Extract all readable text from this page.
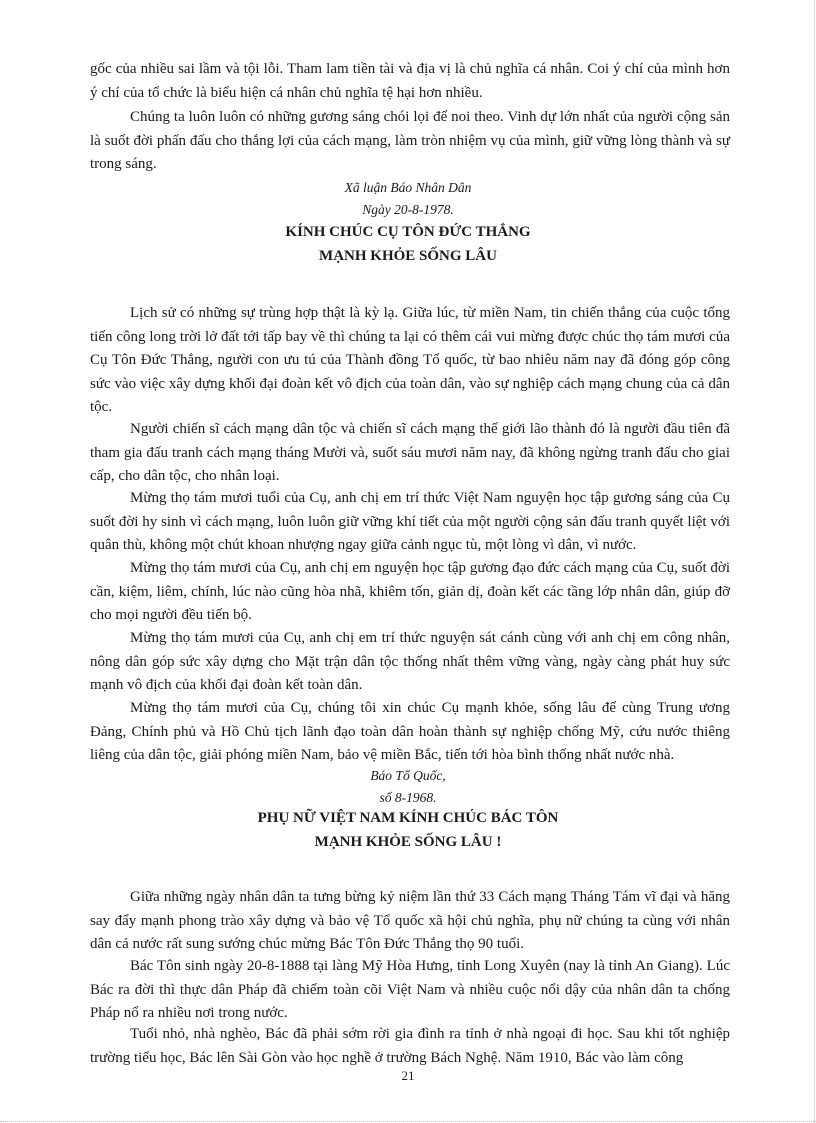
gốc của nhiều sai lầm và tội lỗi. Tham lam tiền tài và địa vị là chủ nghĩa cá nhân. Coi ý chí của mình hơn ý chí của tổ chức là biểu hiện cá nhân chủ nghĩa tệ hại hơn nhiều.

Chúng ta luôn luôn có những gương sáng chói lọi để noi theo. Vinh dự lớn nhất của người cộng sản là suốt đời phấn đấu cho thắng lợi của cách mạng, làm tròn nhiệm vụ của mình, giữ vững lòng thành và sự trong sáng.

Xã luận Báo Nhân Dân
Ngày 20-8-1978.
KÍNH CHÚC CỤ TÔN ĐỨC THẮNG
MẠNH KHỎE SỐNG LÂU

Lịch sử có những sự trùng hợp thật là kỳ lạ. Giữa lúc, từ miền Nam, tin chiến thắng của cuộc tổng tiến công long trời lở đất tới tấp bay về thì chúng ta lại có thêm cái vui mừng được chúc thọ tám mươi của Cụ Tôn Đức Thắng, người con ưu tú của Thành đồng Tổ quốc, từ bao nhiêu năm nay đã đóng góp công sức vào việc xây dựng khối đại đoàn kết vô địch của toàn dân, vào sự nghiệp cách mạng chung của cả dân tộc.

Người chiến sĩ cách mạng dân tộc và chiến sĩ cách mạng thế giới lão thành đó là người đầu tiên đã tham gia đấu tranh cách mạng tháng Mười và, suốt sáu mươi năm nay, đã không ngừng tranh đấu cho giai cấp, cho dân tộc, cho nhân loại.

Mừng thọ tám mươi tuổi của Cụ, anh chị em trí thức Việt Nam nguyện học tập gương sáng của Cụ suốt đời hy sinh vì cách mạng, luôn luôn giữ vững khí tiết của một người cộng sản đấu tranh quyết liệt với quân thù, không một chút khoan nhượng ngay giữa cảnh ngục tù, một lòng vì dân, vì nước.

Mừng thọ tám mươi của Cụ, anh chị em nguyện học tập gương đạo đức cách mạng của Cụ, suốt đời cần, kiệm, liêm, chính, lúc nào cũng hòa nhã, khiêm tốn, giản dị, đoàn kết các tầng lớp nhân dân, giúp đỡ cho mọi người đều tiến bộ.

Mừng thọ tám mươi của Cụ, anh chị em trí thức nguyện sát cánh cùng với anh chị em công nhân, nông dân góp sức xây dựng cho Mặt trận dân tộc thống nhất thêm vững vàng, ngày càng phát huy sức mạnh vô địch của khối đại đoàn kết toàn dân.

Mừng thọ tám mươi của Cụ, chúng tôi xin chúc Cụ mạnh khỏe, sống lâu để cùng Trung ương Đảng, Chính phủ và Hồ Chủ tịch lãnh đạo toàn dân hoàn thành sự nghiệp chống Mỹ, cứu nước thiêng liêng của dân tộc, giải phóng miền Nam, bảo vệ miền Bắc, tiến tới hòa bình thống nhất nước nhà.

Báo Tổ Quốc,
số 8-1968.
PHỤ NỮ VIỆT NAM KÍNH CHÚC BÁC TÔN
MẠNH KHỎE SỐNG LÂU !

Giữa những ngày nhân dân ta tưng bừng kỷ niệm lần thứ 33 Cách mạng Tháng Tám vĩ đại và hăng say đẩy mạnh phong trào xây dựng và bảo vệ Tổ quốc xã hội chủ nghĩa, phụ nữ chúng ta cùng với nhân dân cả nước rất sung sướng chúc mừng Bác Tôn Đức Thắng thọ 90 tuổi.

Bác Tôn sinh ngày 20-8-1888 tại làng Mỹ Hòa Hưng, tỉnh Long Xuyên (nay là tỉnh An Giang). Lúc Bác ra đời thì thực dân Pháp đã chiếm toàn cõi Việt Nam và nhiều cuộc nổi dậy của nhân dân ta chống Pháp nổ ra nhiều nơi trong nước.

Tuổi nhỏ, nhà nghèo, Bác đã phải sớm rời gia đình ra tỉnh ở nhà ngoại đi học. Sau khi tốt nghiệp trường tiểu học, Bác lên Sài Gòn vào học nghề ở trường Bách Nghệ. Năm 1910, Bác vào làm công

21
